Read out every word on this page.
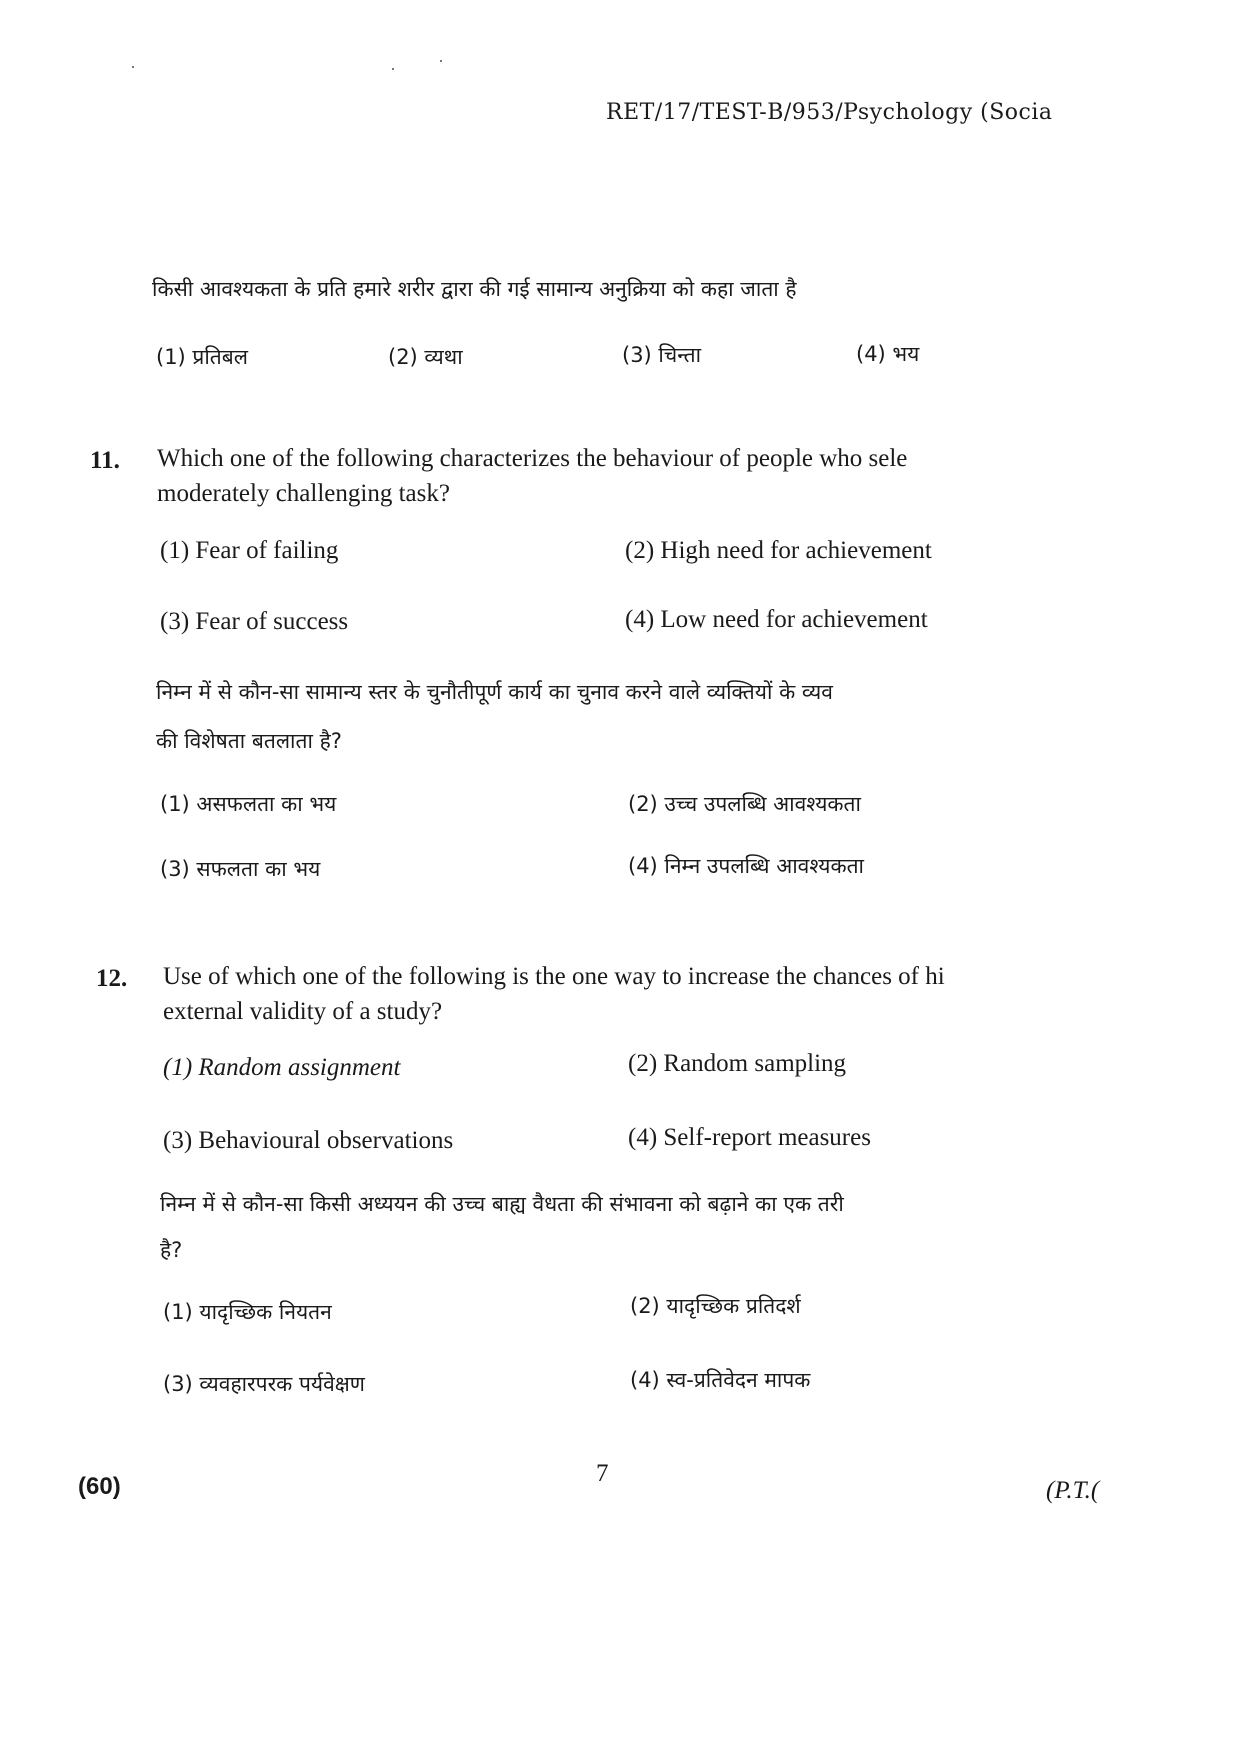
RET/17/TEST-B/953/Psychology (Socia
किसी आवश्यकता के प्रति हमारे शरीर द्वारा की गई सामान्य अनुक्रिया को कहा जाता है
(1) प्रतिबल	(2) व्यथा	(3) चिन्ता	(4) भय
11. Which one of the following characterizes the behaviour of people who sele
moderately challenging task?
(1) Fear of failing	(2) High need for achievement
(3) Fear of success	(4) Low need for achievement
निम्न में से कौन-सा सामान्य स्तर के चुनौतीपूर्ण कार्य का चुनाव करने वाले व्यक्तियों के व्यव
की विशेषता बतलाता है?
(1) असफलता का भय	(2) उच्च उपलब्धि आवश्यकता
(3) सफलता का भय	(4) निम्न उपलब्धि आवश्यकता
12. Use of which one of the following is the one way to increase the chances of hi
external validity of a study?
(1) Random assignment	(2) Random sampling
(3) Behavioural observations	(4) Self-report measures
निम्न में से कौन-सा किसी अध्ययन की उच्च बाह्य वैधता की संभावना को बढ़ाने का एक तरी
है?
(1) यादृच्छिक नियतन	(2) यादृच्छिक प्रतिदर्श
(3) व्यवहारपरक पर्यवेक्षण	(4) स्व-प्रतिवेदन मापक
(60)	7
(P.T.(
